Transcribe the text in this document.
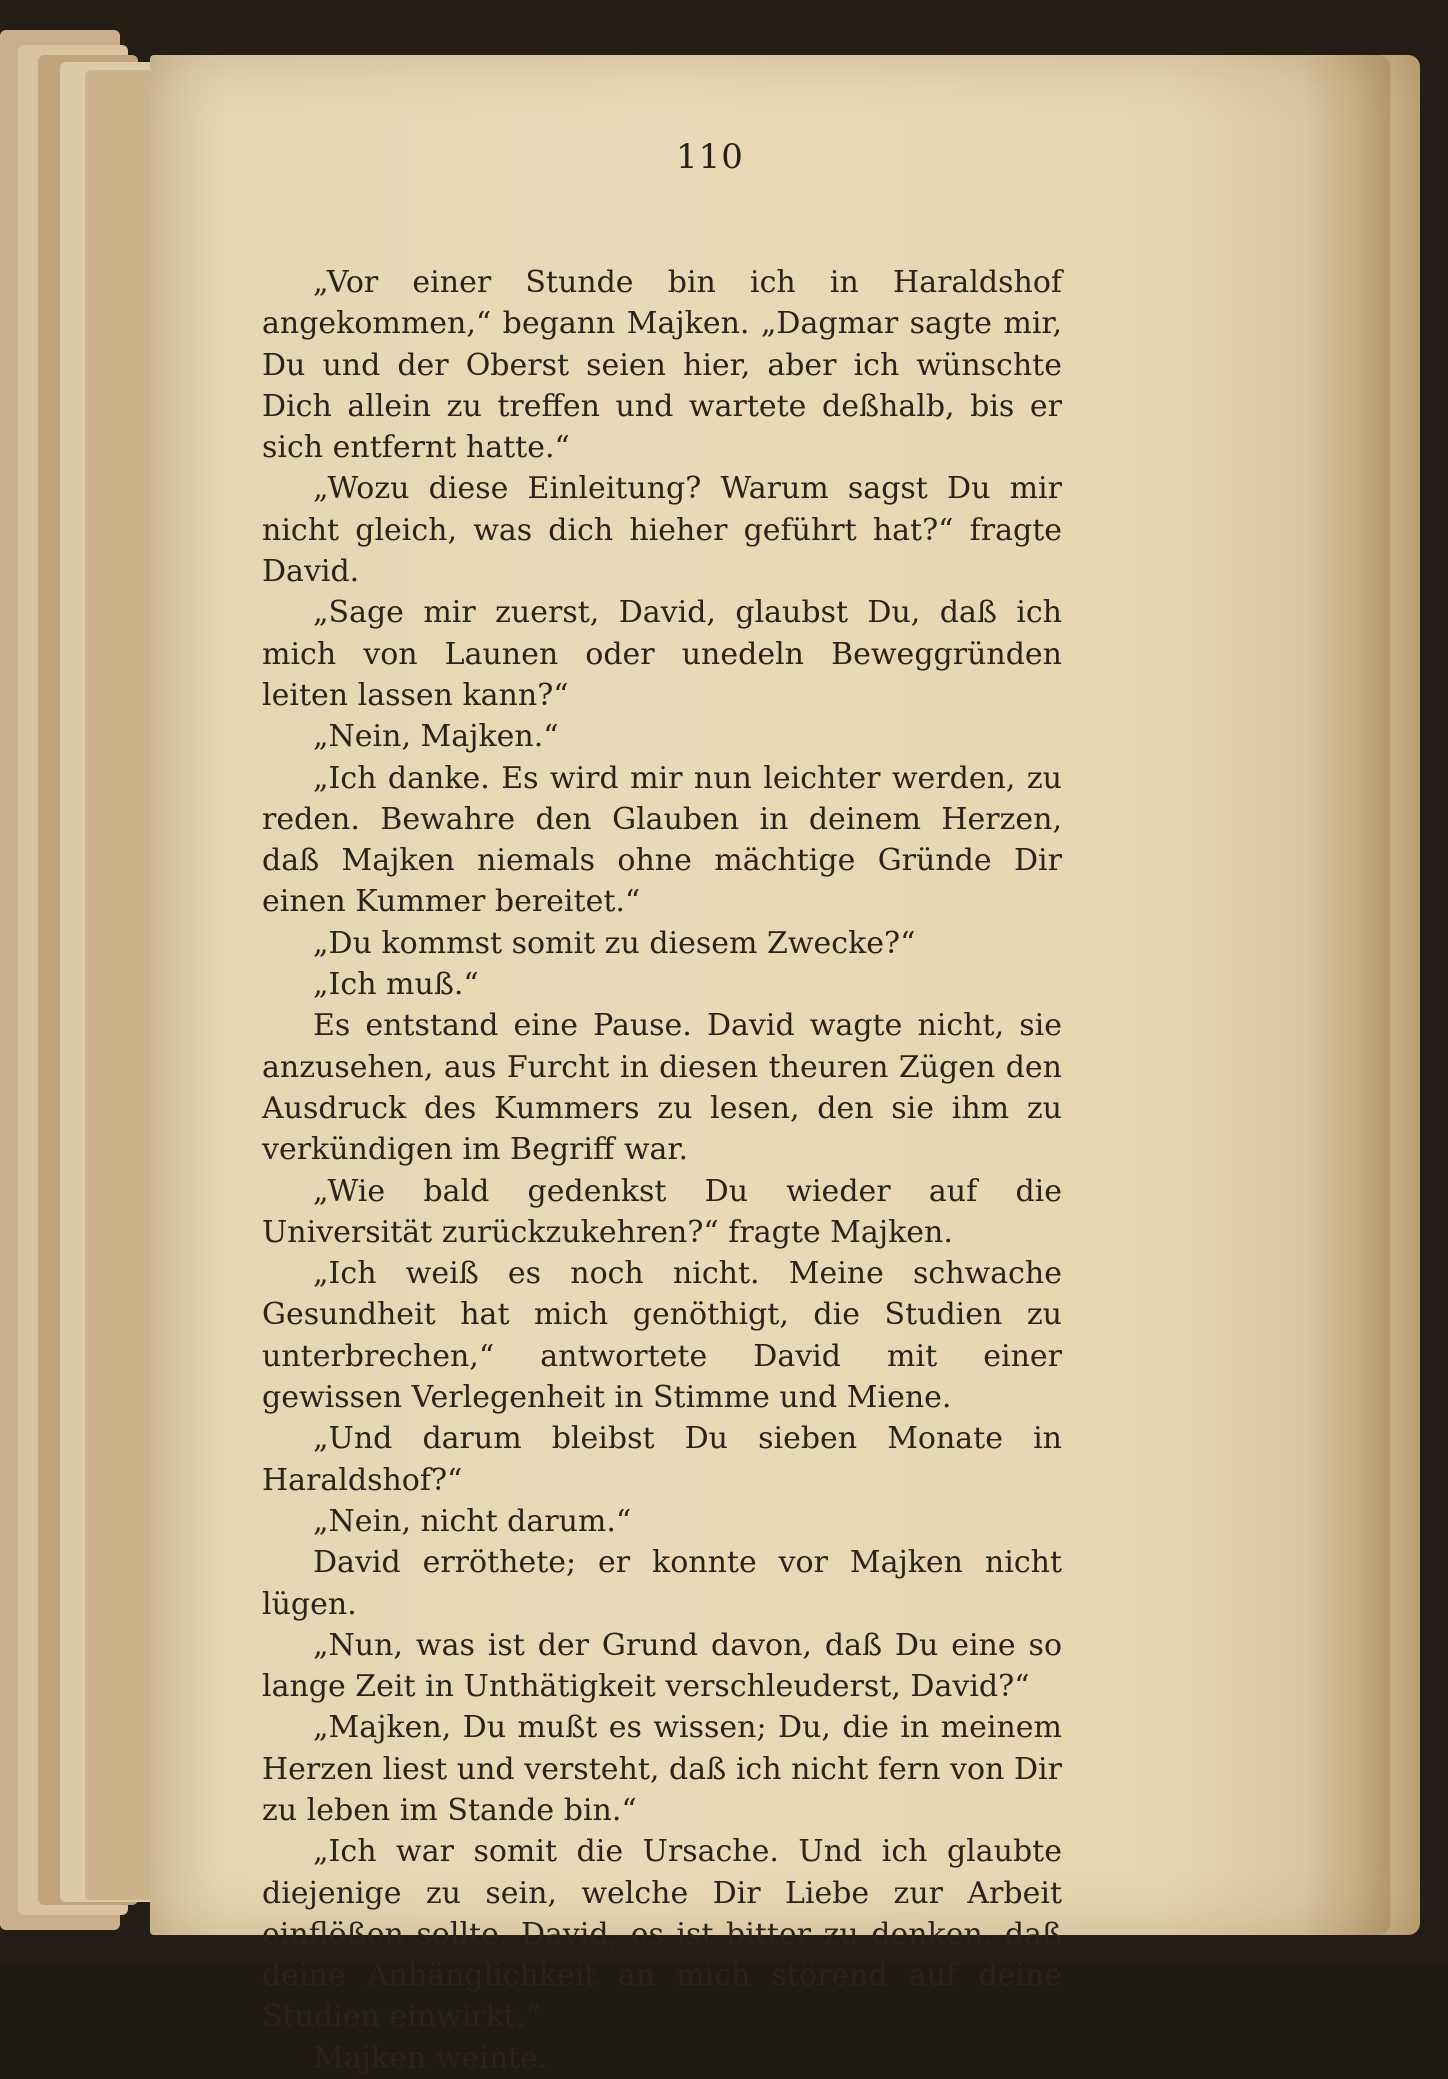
110

„Vor einer Stunde bin ich in Haraldshof angekommen,“ begann Majken. „Dagmar sagte mir, Du und der Oberst seien hier, aber ich wünschte Dich allein zu treffen und wartete deßhalb, bis er sich entfernt hatte.“

„Wozu diese Einleitung? Warum sagst Du mir nicht gleich, was dich hieher geführt hat?“ fragte David.

„Sage mir zuerst, David, glaubst Du, daß ich mich von Launen oder unedeln Beweggründen leiten lassen kann?“

„Nein, Majken.“

„Ich danke. Es wird mir nun leichter werden, zu reden. Bewahre den Glauben in deinem Herzen, daß Majken niemals ohne mächtige Gründe Dir einen Kummer bereitet.“

„Du kommst somit zu diesem Zwecke?“

„Ich muß.“

Es entstand eine Pause. David wagte nicht, sie anzusehen, aus Furcht in diesen theuren Zügen den Ausdruck des Kummers zu lesen, den sie ihm zu verkündigen im Begriff war.

„Wie bald gedenkst Du wieder auf die Universität zurückzukehren?“ fragte Majken.

„Ich weiß es noch nicht. Meine schwache Gesundheit hat mich genöthigt, die Studien zu unterbrechen,“ antwortete David mit einer gewissen Verlegenheit in Stimme und Miene.

„Und darum bleibst Du sieben Monate in Haraldshof?“

„Nein, nicht darum.“

David erröthete; er konnte vor Majken nicht lügen.

„Nun, was ist der Grund davon, daß Du eine so lange Zeit in Unthätigkeit verschleuderst, David?“

„Majken, Du mußt es wissen; Du, die in meinem Herzen liest und versteht, daß ich nicht fern von Dir zu leben im Stande bin.“

„Ich war somit die Ursache. Und ich glaubte diejenige zu sein, welche Dir Liebe zur Arbeit einflößen sollte. David, es ist bitter zu denken, daß deine Anhänglichkeit an mich störend auf deine Studien einwirkt.“

Majken weinte.
